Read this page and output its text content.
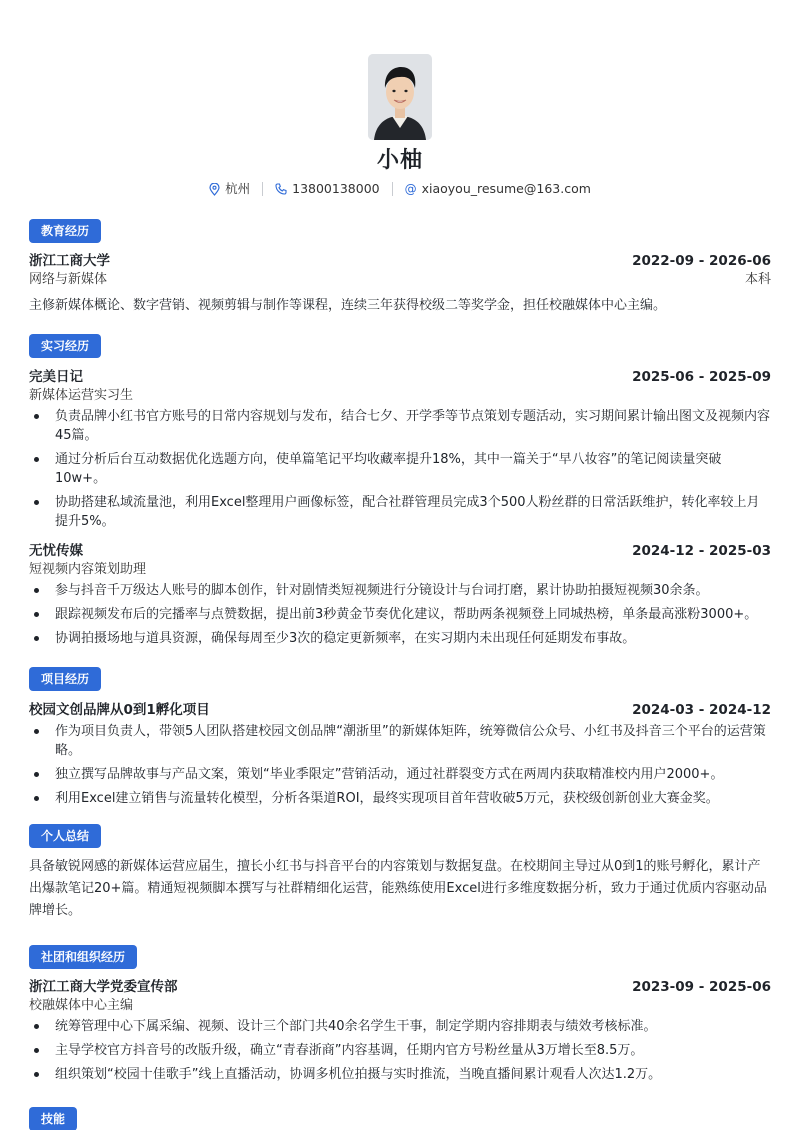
小柚
杭州	13800138000 @ xiaoyou_resume@163.com
教育经历
浙江工商大学	2022-09 - 2026-06
网络与新媒体	本科
主修新媒体概论、数字营销、视频剪辑与制作等课程，连续三年获得校级二等奖学金，担任校融媒体中心主编。
实习经历
完美日记	2025-06 - 2025-09
新媒体运营实习生
负责品牌小红书官方账号的日常内容规划与发布，结合七夕、开学季等节点策划专题活动，实习期间累计输出图文及视频内容45篇。
通过分析后台互动数据优化选题方向，使单篇笔记平均收藏率提升18%，其中一篇关于“早八妆容”的笔记阅读量突破10w+。
协助搭建私域流量池，利用Excel整理用户画像标签，配合社群管理员完成3个500人粉丝群的日常活跃维护，转化率较上月提升5%。
无忧传媒	2024-12 - 2025-03
短视频内容策划助理
参与抖音千万级达人账号的脚本创作，针对剧情类短视频进行分镜设计与台词打磨，累计协助拍摄短视频30余条。
跟踪视频发布后的完播率与点赞数据，提出前3秒黄金节奏优化建议，帮助两条视频登上同城热榜，单条最高涨粉3000+。
协调拍摄场地与道具资源，确保每周至少3次的稳定更新频率，在实习期内未出现任何延期发布事故。
项目经历
校园文创品牌从0到1孵化项目	2024-03 - 2024-12
作为项目负责人，带领5人团队搭建校园文创品牌“潮浙里”的新媒体矩阵，统筹微信公众号、小红书及抖音三个平台的运营策略。
独立撰写品牌故事与产品文案，策划“毕业季限定”营销活动，通过社群裂变方式在两周内获取精准校内用户2000+。
利用Excel建立销售与流量转化模型，分析各渠道ROI，最终实现项目首年营收破5万元，获校级创新创业大赛金奖。
个人总结
具备敏锐网感的新媒体运营应届生，擅长小红书与抖音平台的内容策划与数据复盘。在校期间主导过从0到1的账号孵化，累计产出爆款笔记20+篇。精通短视频脚本撰写与社群精细化运营，能熟练使用Excel进行多维度数据分析，致力于通过优质内容驱动品牌增长。
社团和组织经历
浙江工商大学党委宣传部	2023-09 - 2025-06
校融媒体中心主编
统筹管理中心下属采编、视频、设计三个部门共40余名学生干事，制定学期内容排期表与绩效考核标准。
主导学校官方抖音号的改版升级，确立“青春浙商”内容基调，任期内官方号粉丝量从3万增长至8.5万。
组织策划“校园十佳歌手”线上直播活动，协调多机位拍摄与实时推流，当晚直播间累计观看人次达1.2万。
技能
